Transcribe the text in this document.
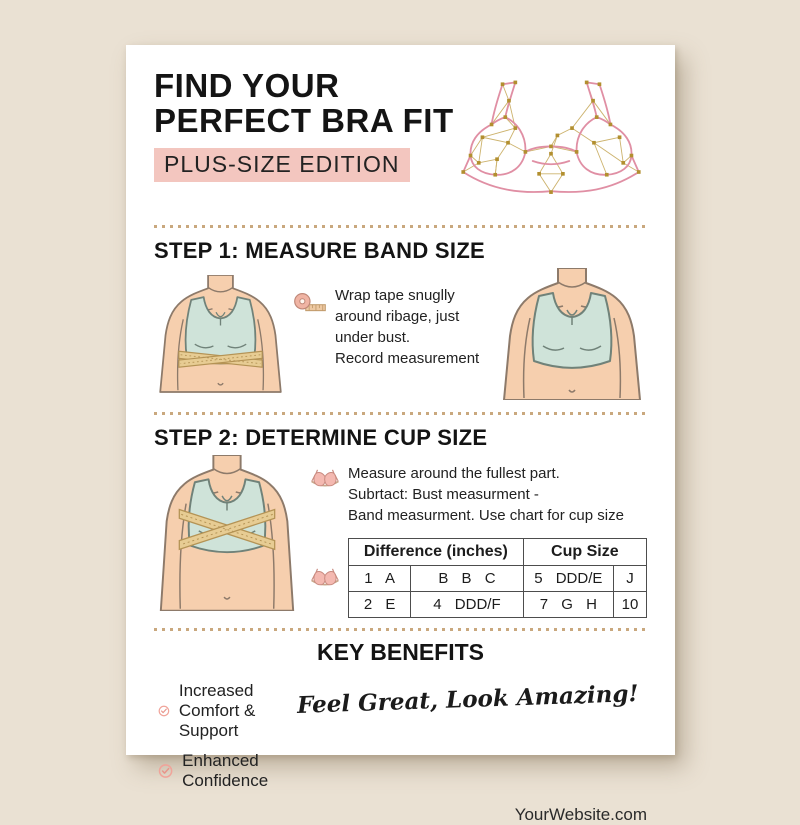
FIND YOUR
PERFECT BRA FIT
PLUS-SIZE EDITION
STEP 1: MEASURE BAND SIZE
Wrap tape snuglly
around ribage, just under bust.
Record measurement
STEP 2: DETERMINE CUP SIZE
Measure around the fullest part.
Subrtact: Bust measurment -
Band measurment. Use chart for cup size
Difference (inches)		Cup Size	
1 A	B B C	5 DDD/E	J
2 E	4 DDD/F	7 G H	10
KEY BENEFITS
Increased Comfort & Support
Enhanced Confidence
Feel Great, Look Amazing!
YourWebsite.com
